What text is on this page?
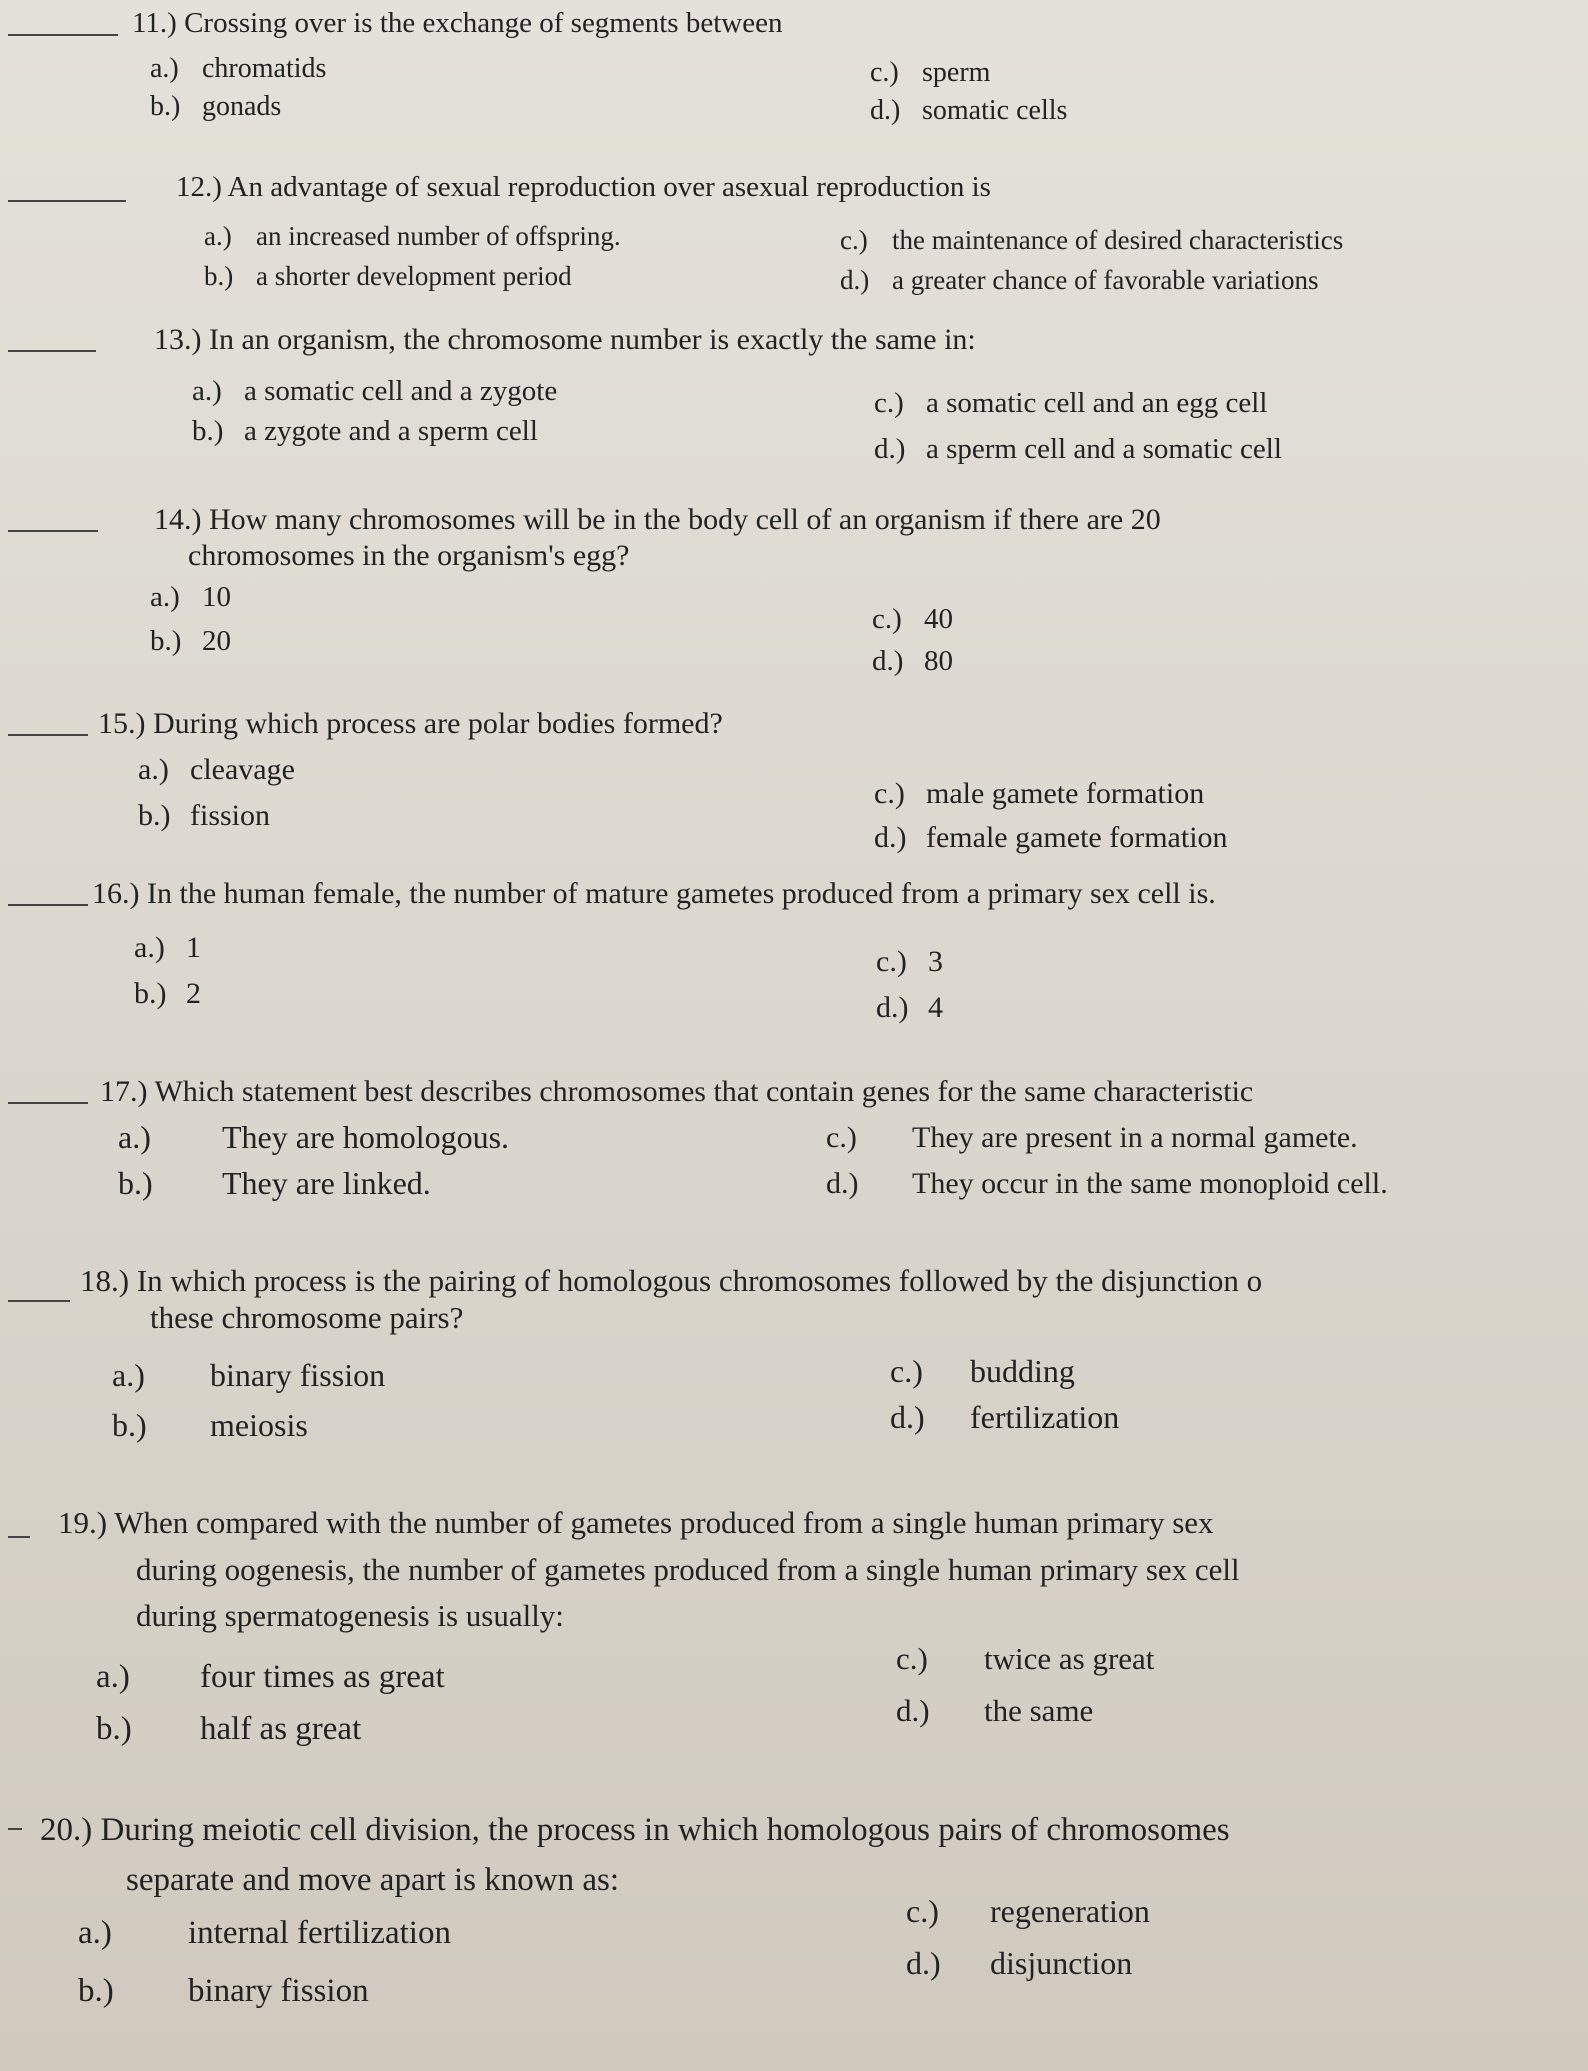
11.) Crossing over is the exchange of segments between
a.) chromatids
b.) gonads
c.) sperm
d.) somatic cells
12.) An advantage of sexual reproduction over asexual reproduction is
a.) an increased number of offspring.
b.) a shorter development period
c.) the maintenance of desired characteristics
d.) a greater chance of favorable variations
13.) In an organism, the chromosome number is exactly the same in:
a.) a somatic cell and a zygote
b.) a zygote and a sperm cell
c.) a somatic cell and an egg cell
d.) a sperm cell and a somatic cell
14.) How many chromosomes will be in the body cell of an organism if there are 20
chromosomes in the organism's egg?
a.) 10
b.) 20
c.) 40
d.) 80
15.) During which process are polar bodies formed?
a.) cleavage
b.) fission
c.) male gamete formation
d.) female gamete formation
16.) In the human female, the number of mature gametes produced from a primary sex cell is.
a.) 1
b.) 2
c.) 3
d.) 4
17.) Which statement best describes chromosomes that contain genes for the same characteristic
a.) They are homologous.
b.) They are linked.
c.) They are present in a normal gamete.
d.) They occur in the same monoploid cell.
18.) In which process is the pairing of homologous chromosomes followed by the disjunction o
these chromosome pairs?
a.) binary fission
b.) meiosis
c.) budding
d.) fertilization
19.) When compared with the number of gametes produced from a single human primary sex
during oogenesis, the number of gametes produced from a single human primary sex cell
during spermatogenesis is usually:
a.) four times as great
b.) half as great
c.) twice as great
d.) the same
20.) During meiotic cell division, the process in which homologous pairs of chromosomes
separate and move apart is known as:
a.) internal fertilization
b.) binary fission
c.) regeneration
d.) disjunction
